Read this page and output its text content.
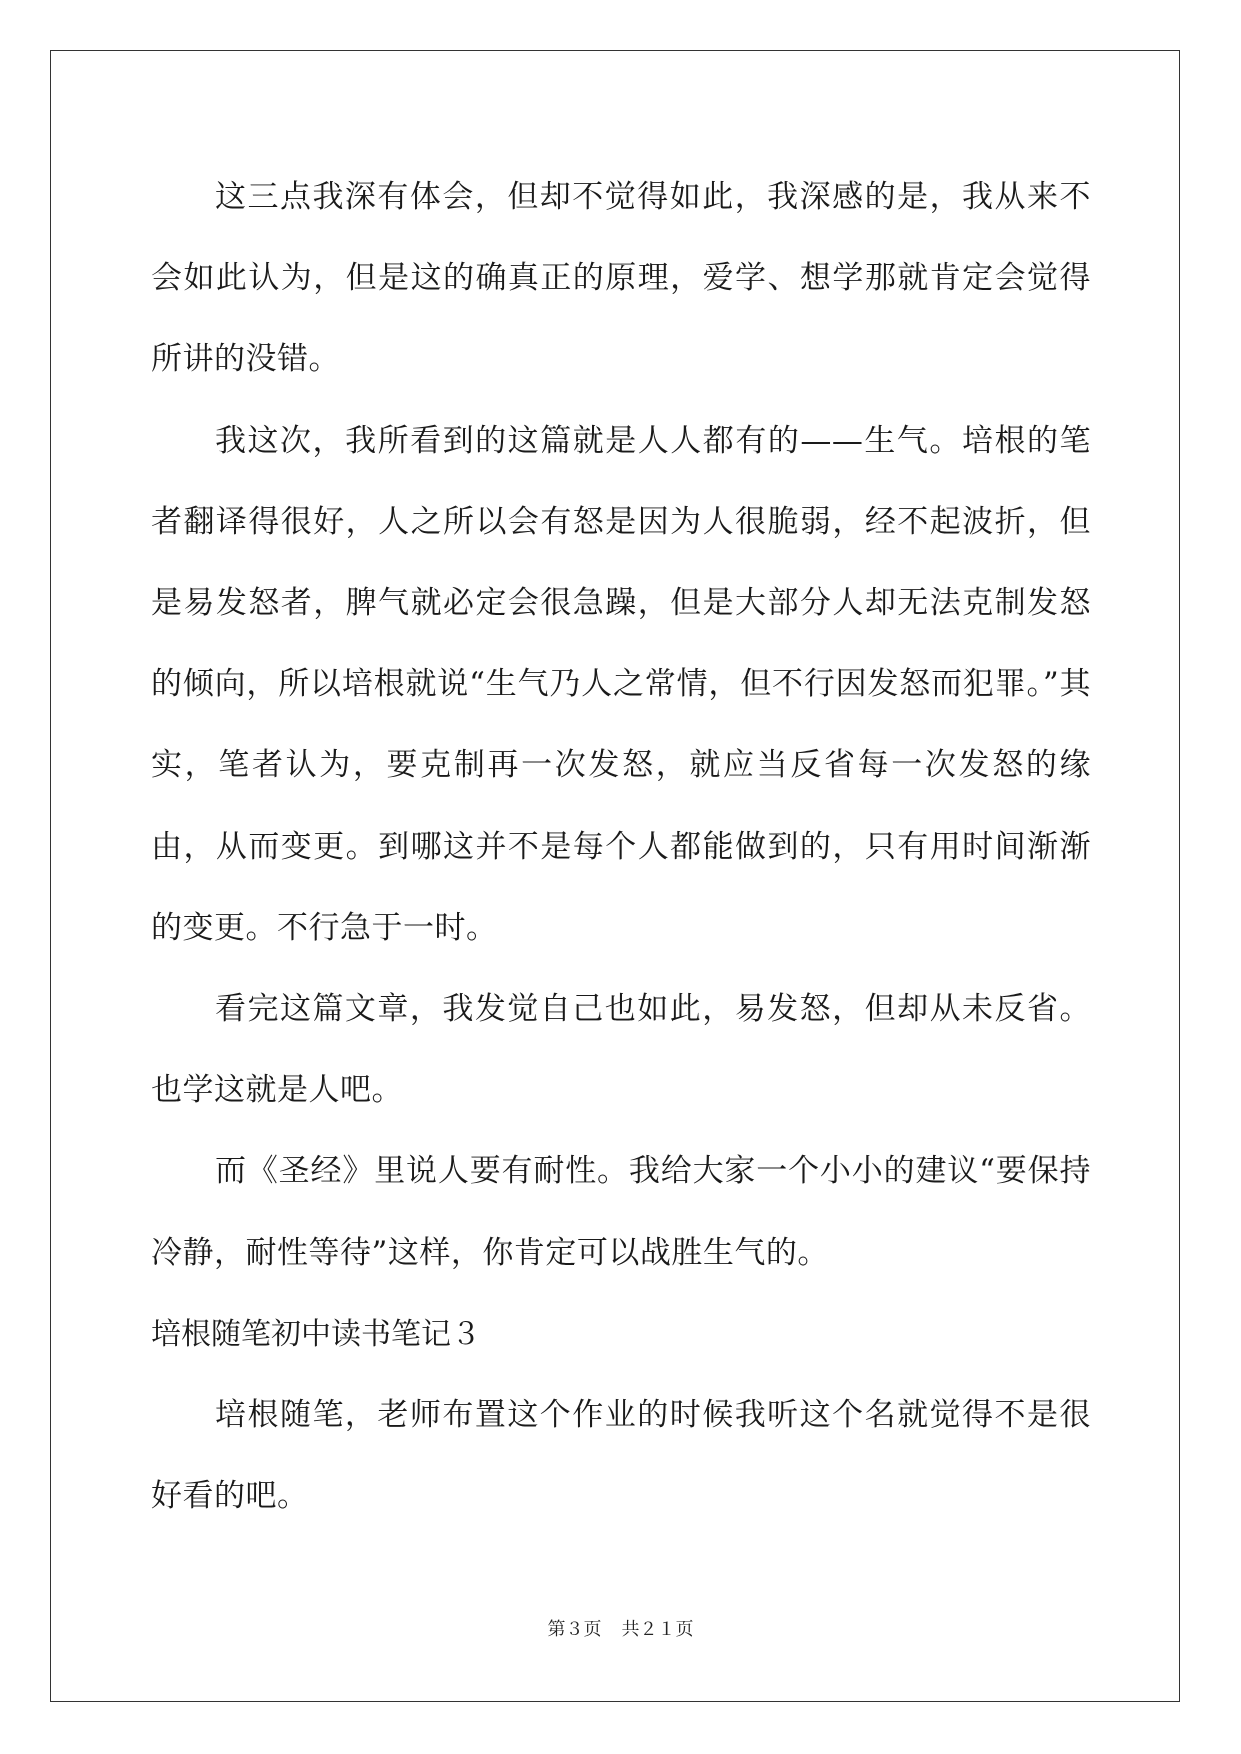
这三点我深有体会，但却不觉得如此，我深感的是，我从来不会如此认为，但是这的确真正的原理，爱学、想学那就肯定会觉得所讲的没错。

我这次，我所看到的这篇就是人人都有的——生气。培根的笔者翻译得很好，人之所以会有怒是因为人很脆弱，经不起波折，但是易发怒者，脾气就必定会很急躁，但是大部分人却无法克制发怒的倾向，所以培根就说“生气乃人之常情，但不行因发怒而犯罪。”其实，笔者认为，要克制再一次发怒，就应当反省每一次发怒的缘由，从而变更。到哪这并不是每个人都能做到的，只有用时间渐渐的变更。不行急于一时。

看完这篇文章，我发觉自己也如此，易发怒，但却从未反省。也学这就是人吧。

而《圣经》里说人要有耐性。我给大家一个小小的建议“要保持冷静，耐性等待”这样，你肯定可以战胜生气的。

培根随笔初中读书笔记３

培根随笔，老师布置这个作业的时候我听这个名就觉得不是很好看的吧。

第３页 共２１页
